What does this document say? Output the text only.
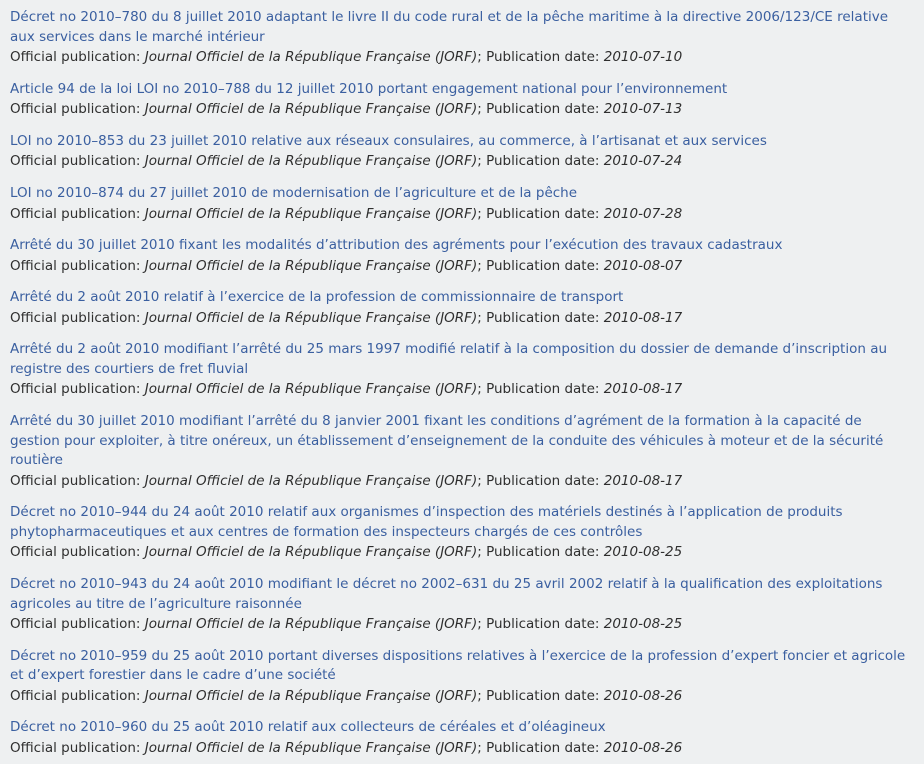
Décret no 2010–780 du 8 juillet 2010 adaptant le livre II du code rural et de la pêche maritime à la directive 2006/123/CE relative aux services dans le marché intérieur
Official publication: Journal Officiel de la République Française (JORF); Publication date: 2010-07-10
Article 94 de la loi LOI no 2010–788 du 12 juillet 2010 portant engagement national pour l’environnement
Official publication: Journal Officiel de la République Française (JORF); Publication date: 2010-07-13
LOI no 2010–853 du 23 juillet 2010 relative aux réseaux consulaires, au commerce, à l’artisanat et aux services
Official publication: Journal Officiel de la République Française (JORF); Publication date: 2010-07-24
LOI no 2010–874 du 27 juillet 2010 de modernisation de l’agriculture et de la pêche
Official publication: Journal Officiel de la République Française (JORF); Publication date: 2010-07-28
Arrêté du 30 juillet 2010 fixant les modalités d’attribution des agréments pour l’exécution des travaux cadastraux
Official publication: Journal Officiel de la République Française (JORF); Publication date: 2010-08-07
Arrêté du 2 août 2010 relatif à l’exercice de la profession de commissionnaire de transport
Official publication: Journal Officiel de la République Française (JORF); Publication date: 2010-08-17
Arrêté du 2 août 2010 modifiant l’arrêté du 25 mars 1997 modifié relatif à la composition du dossier de demande d’inscription au registre des courtiers de fret fluvial
Official publication: Journal Officiel de la République Française (JORF); Publication date: 2010-08-17
Arrêté du 30 juillet 2010 modifiant l’arrêté du 8 janvier 2001 fixant les conditions d’agrément de la formation à la capacité de gestion pour exploiter, à titre onéreux, un établissement d’enseignement de la conduite des véhicules à moteur et de la sécurité routière
Official publication: Journal Officiel de la République Française (JORF); Publication date: 2010-08-17
Décret no 2010–944 du 24 août 2010 relatif aux organismes d’inspection des matériels destinés à l’application de produits phytopharmaceutiques et aux centres de formation des inspecteurs chargés de ces contrôles
Official publication: Journal Officiel de la République Française (JORF); Publication date: 2010-08-25
Décret no 2010–943 du 24 août 2010 modifiant le décret no 2002–631 du 25 avril 2002 relatif à la qualification des exploitations agricoles au titre de l’agriculture raisonnée
Official publication: Journal Officiel de la République Française (JORF); Publication date: 2010-08-25
Décret no 2010–959 du 25 août 2010 portant diverses dispositions relatives à l’exercice de la profession d’expert foncier et agricole et d’expert forestier dans le cadre d’une société
Official publication: Journal Officiel de la République Française (JORF); Publication date: 2010-08-26
Décret no 2010–960 du 25 août 2010 relatif aux collecteurs de céréales et d’oléagineux
Official publication: Journal Officiel de la République Française (JORF); Publication date: 2010-08-26
